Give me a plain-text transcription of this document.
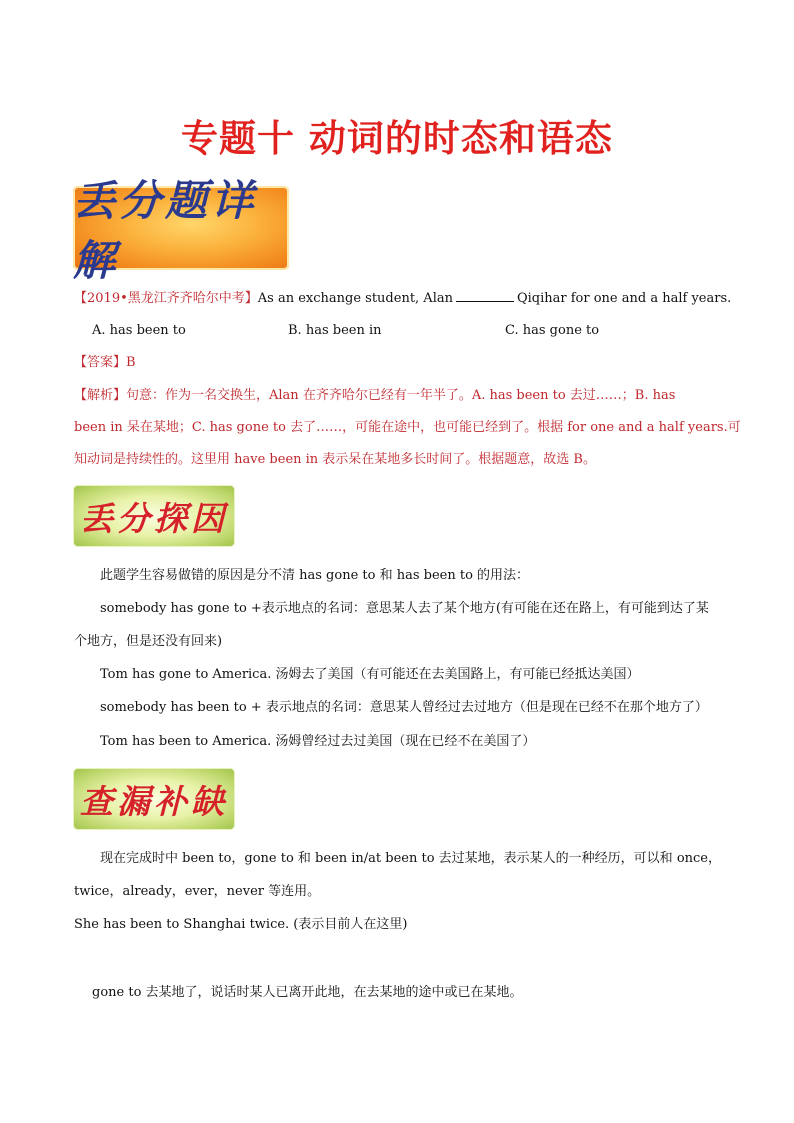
专题十 动词的时态和语态
丢分题详解
【2019•黑龙江齐齐哈尔中考】As an exchange student, Alan	Qiqihar for one and a half years.
A. has been to	B. has been in	C. has gone to
【答案】B
【解析】句意：作为一名交换生，Alan 在齐齐哈尔已经有一年半了。A. has been to 去过……；B. has
been in 呆在某地；C. has gone to 去了……，可能在途中，也可能已经到了。根据 for one and a half years.可
知动词是持续性的。这里用 have been in 表示呆在某地多长时间了。根据题意，故选 B。
丢分探因
此题学生容易做错的原因是分不清 has gone to 和 has been to 的用法：
somebody has gone to +表示地点的名词：意思某人去了某个地方(有可能在还在路上，有可能到达了某
个地方，但是还没有回来)
Tom has gone to America. 汤姆去了美国（有可能还在去美国路上，有可能已经抵达美国）
somebody has been to + 表示地点的名词：意思某人曾经过去过地方（但是现在已经不在那个地方了）
Tom has been to America. 汤姆曾经过去过美国（现在已经不在美国了）
查漏补缺
现在完成时中 been to，gone to 和 been in/at been to 去过某地，表示某人的一种经历，可以和 once，
twice，already，ever，never 等连用。
She has been to Shanghai twice. (表示目前人在这里)
gone to 去某地了，说话时某人已离开此地，在去某地的途中或已在某地。
